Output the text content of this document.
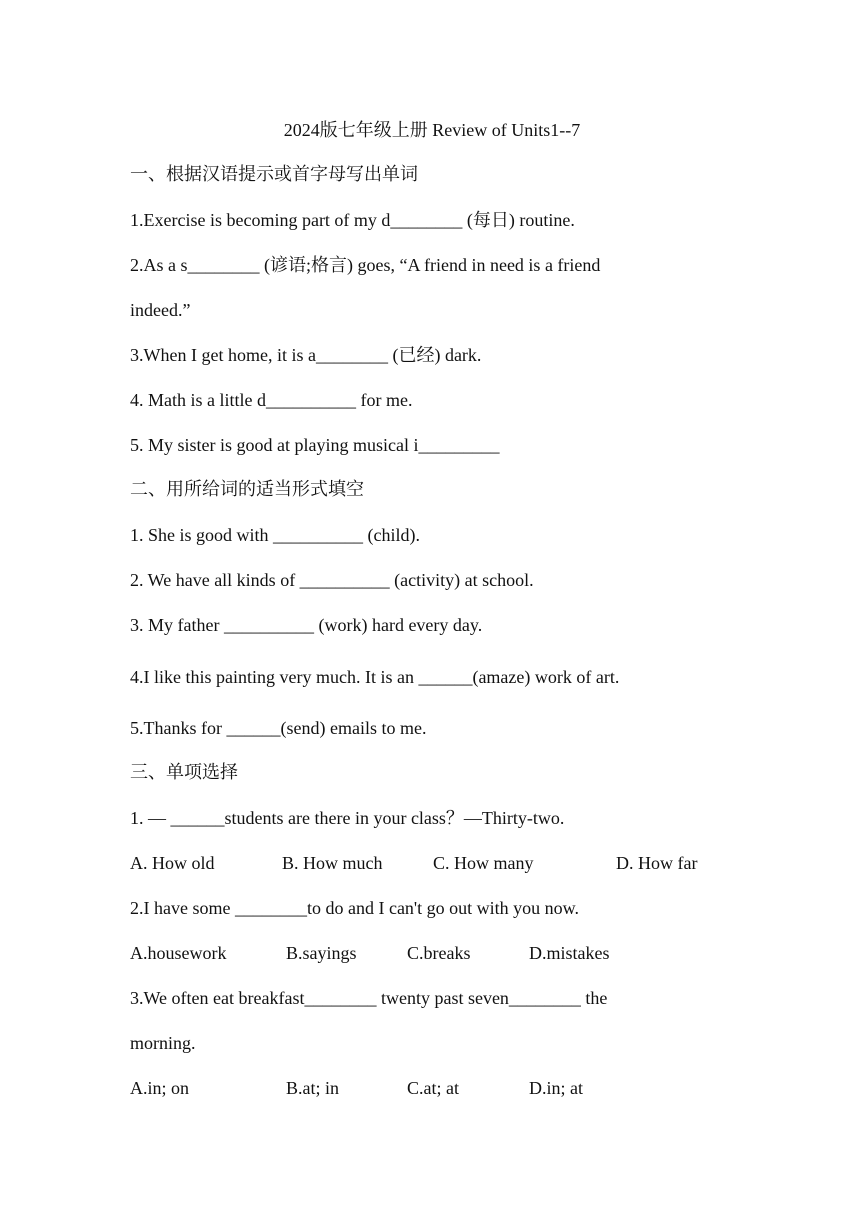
2024版七年级上册 Review of Units1--7
一、根据汉语提示或首字母写出单词
1.Exercise is becoming part of my d________ (每日) routine.
2.As a s________ (谚语;格言) goes, “A friend in need is a friend
indeed.”
3.When I get home, it is a________ (已经) dark.
4. Math is a little d__________ for me.
5. My sister is good at playing musical i_________
二、用所给词的适当形式填空
1. She is good with __________ (child).
2. We have all kinds of __________ (activity) at school.
3. My father __________ (work) hard every day.
4.I like this painting very much. It is an ______(amaze) work of art.
5.Thanks for ______(send) emails to me.
三、单项选择
1. — ______students are there in your class？—Thirty-two.
A. How old	B. How much	C. How many	D. How far
2.I have some ________to do and I can't go out with you now.
A.housework	B.sayings	C.breaks	D.mistakes
3.We often eat breakfast________ twenty past seven________ the
morning.
A.in; on	B.at; in	C.at; at	D.in; at
